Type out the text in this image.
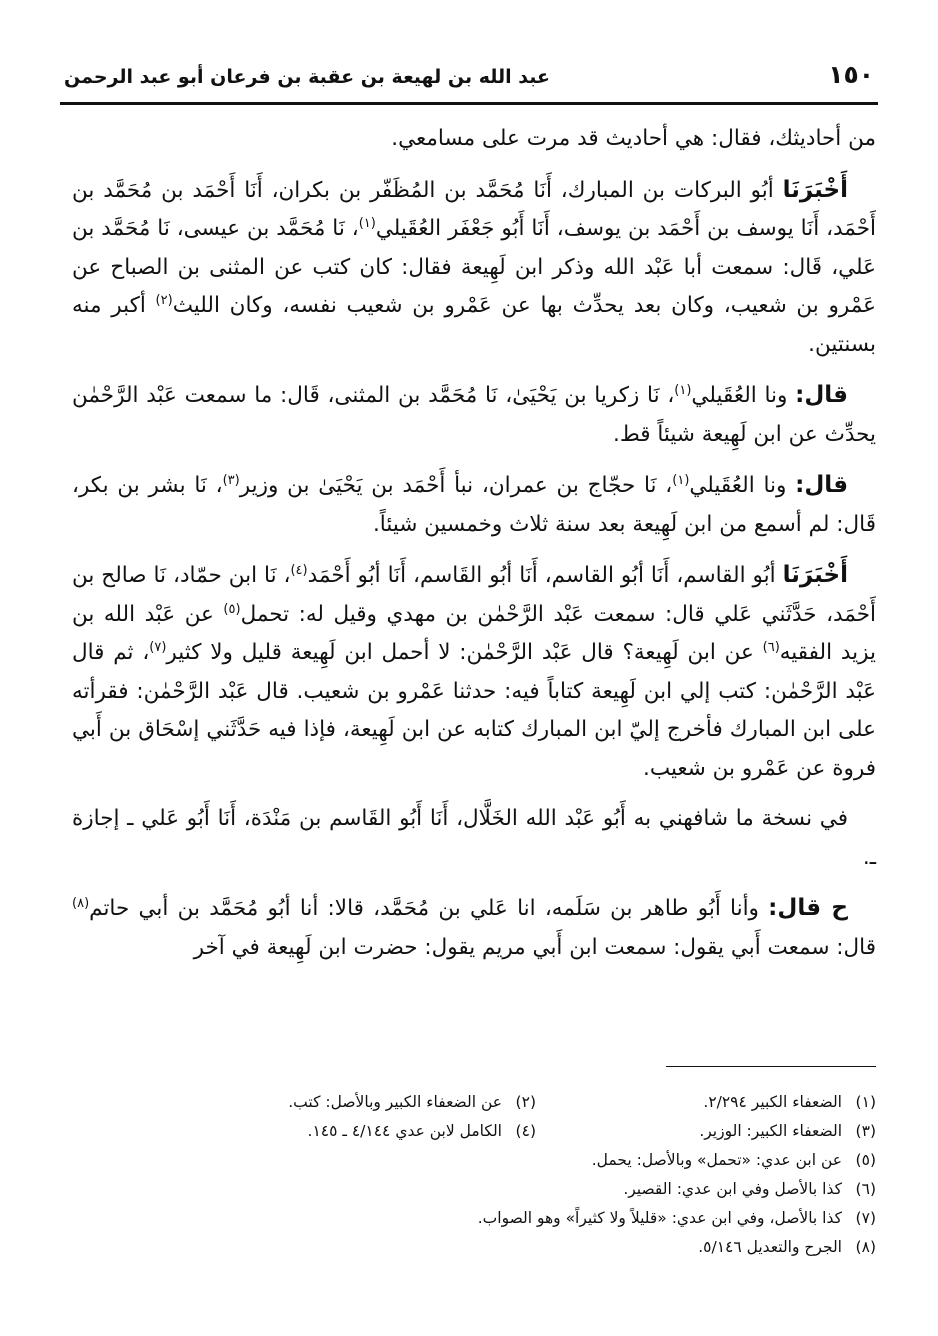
١٥٠
عبد الله بن لهيعة بن عقبة بن فرعان أبو عبد الرحمن

من أحاديثك، فقال: هي أحاديث قد مرت على مسامعي.

أَخْبَرَنَا أبُو البركات بن المبارك، أَنَا مُحَمَّد بن المُظَفّر بن بكران، أَنَا أَحْمَد بن مُحَمَّد بن أَحْمَد، أَنَا يوسف بن أَحْمَد بن يوسف، أَنَا أَبُو جَعْفَر العُقَيلي$^{(١)}$، نَا مُحَمَّد بن عيسى، نَا مُحَمَّد بن عَلي، قَال: سمعت أبا عَبْد الله وذكر ابن لَهِيعة فقال: كان كتب عن المثنى بن الصباح عن عَمْرو بن شعيب، وكان بعد يحدِّث بها عن عَمْرو بن شعيب نفسه، وكان الليث$^{(٢)}$ أكبر منه بسنتين.

قال: ونا العُقَيلي$^{(١)}$، نَا زكريا بن يَحْيَىٰ، نَا مُحَمَّد بن المثنى، قَال: ما سمعت عَبْد الرَّحْمٰن يحدِّث عن ابن لَهِيعة شيئاً قط.

قال: ونا العُقَيلي$^{(١)}$، نَا حجّاج بن عمران، نبأ أَحْمَد بن يَحْيَىٰ بن وزير$^{(٣)}$، نَا بشر بن بكر، قَال: لم أسمع من ابن لَهِيعة بعد سنة ثلاث وخمسين شيئاً.

أَخْبَرَنَا أبُو القاسم، أَنَا أبُو القاسم، أَنَا أبُو القَاسم، أَنَا أبُو أَحْمَد$^{(٤)}$، نَا ابن حمّاد، نَا صالح بن أَحْمَد، حَدَّثَني عَلي قال: سمعت عَبْد الرَّحْمٰن بن مهدي وقيل له: تحمل$^{(٥)}$ عن عَبْد الله بن يزيد الفقيه$^{(٦)}$ عن ابن لَهِيعة؟ قال عَبْد الرَّحْمٰن: لا أحمل ابن لَهِيعة قليل ولا كثير$^{(٧)}$، ثم قال عَبْد الرَّحْمٰن: كتب إلي ابن لَهِيعة كتاباً فيه: حدثنا عَمْرو بن شعيب. قال عَبْد الرَّحْمٰن: فقرأته على ابن المبارك فأخرج إليّ ابن المبارك كتابه عن ابن لَهِيعة، فإذا فيه حَدَّثَني إسْحَاق بن أَبي فروة عن عَمْرو بن شعيب.

في نسخة ما شافهني به أَبُو عَبْد الله الخَلَّال، أَنَا أَبُو القَاسم بن مَنْدَة، أَنَا أَبُو عَلي ـ إجازة ـ.

ح قال: وأنا أَبُو طاهر بن سَلَمه، انا عَلي بن مُحَمَّد، قالا: أنا أبُو مُحَمَّد بن أبي حاتم$^{(٨)}$ قال: سمعت أَبي يقول: سمعت ابن أَبي مريم يقول: حضرت ابن لَهِيعة في آخر

(١)الضعفاء الكبير ٢/٢٩٤.
(٢)عن الضعفاء الكبير وبالأصل: كتب.
(٣)الضعفاء الكبير: الوزير.
(٤)الكامل لابن عدي ٤/١٤٤ ـ ١٤٥.
(٥)عن ابن عدي: «تحمل» وبالأصل: يحمل.
(٦)كذا بالأصل وفي ابن عدي: القصير.
(٧)كذا بالأصل، وفي ابن عدي: «قليلاً ولا كثيراً» وهو الصواب.
(٨)الجرح والتعديل ٥/١٤٦.
